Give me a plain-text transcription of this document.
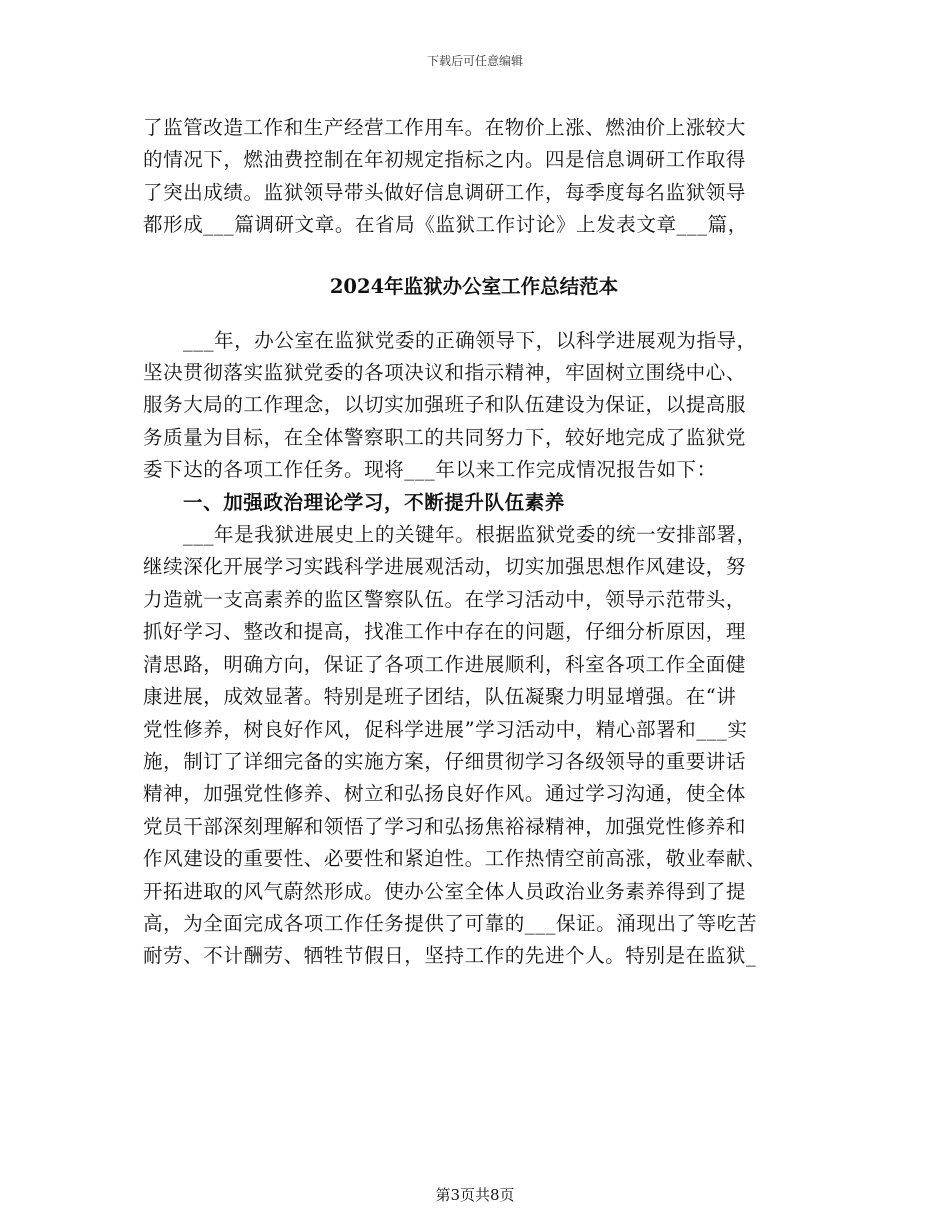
下载后可任意编辑
了监管改造工作和生产经营工作用车。在物价上涨、燃油价上涨较大
的情况下，燃油费控制在年初规定指标之内。四是信息调研工作取得
了突出成绩。监狱领导带头做好信息调研工作，每季度每名监狱领导
都形成___篇调研文章。在省局《监狱工作讨论》上发表文章___篇，
2024年监狱办公室工作总结范本
___年，办公室在监狱党委的正确领导下，以科学进展观为指导，
坚决贯彻落实监狱党委的各项决议和指示精神，牢固树立围绕中心、
服务大局的工作理念，以切实加强班子和队伍建设为保证，以提高服
务质量为目标，在全体警察职工的共同努力下，较好地完成了监狱党
委下达的各项工作任务。现将___年以来工作完成情况报告如下：
一、加强政治理论学习，不断提升队伍素养
___年是我狱进展史上的关键年。根据监狱党委的统一安排部署，
继续深化开展学习实践科学进展观活动，切实加强思想作风建设，努
力造就一支高素养的监区警察队伍。在学习活动中，领导示范带头，
抓好学习、整改和提高，找准工作中存在的问题，仔细分析原因，理
清思路，明确方向，保证了各项工作进展顺利，科室各项工作全面健
康进展，成效显著。特别是班子团结，队伍凝聚力明显增强。在“讲
党性修养，树良好作风，促科学进展”学习活动中，精心部署和___实
施，制订了详细完备的实施方案，仔细贯彻学习各级领导的重要讲话
精神，加强党性修养、树立和弘扬良好作风。通过学习沟通，使全体
党员干部深刻理解和领悟了学习和弘扬焦裕禄精神，加强党性修养和
作风建设的重要性、必要性和紧迫性。工作热情空前高涨，敬业奉献、
开拓进取的风气蔚然形成。使办公室全体人员政治业务素养得到了提
高，为全面完成各项工作任务提供了可靠的___保证。涌现出了等吃苦
耐劳、不计酬劳、牺牲节假日，坚持工作的先进个人。特别是在监狱_
第3页共8页
